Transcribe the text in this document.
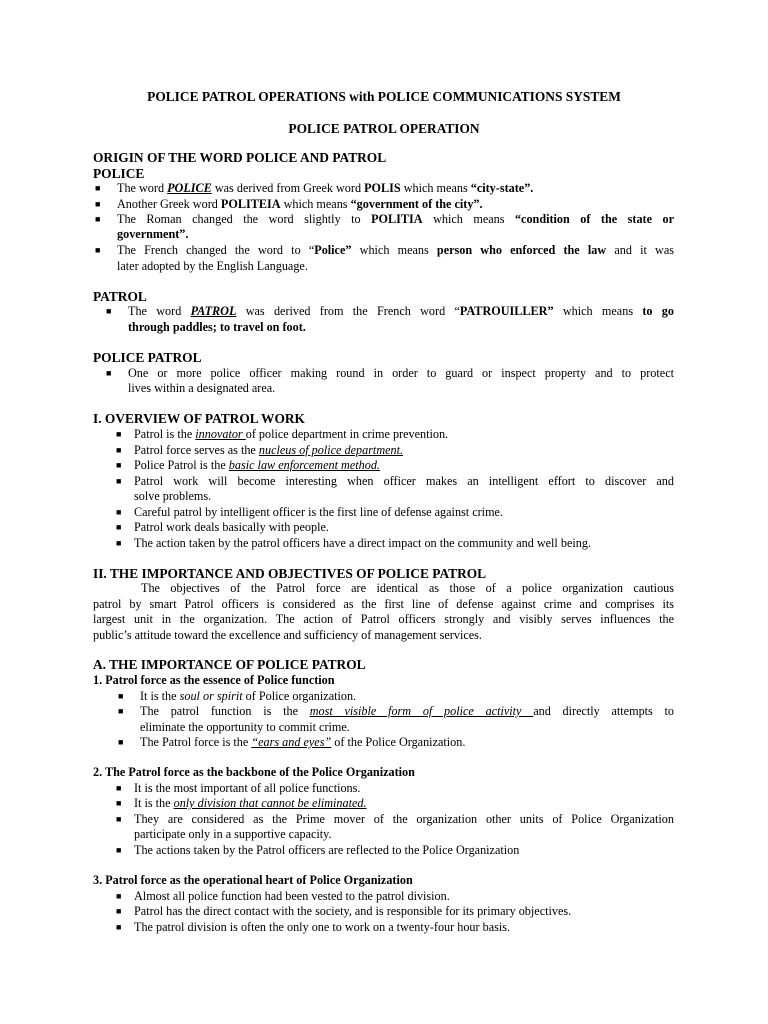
POLICE PATROL OPERATIONS with POLICE COMMUNICATIONS SYSTEM
POLICE PATROL OPERATION
ORIGIN OF THE WORD POLICE AND PATROL
POLICE
■ The word POLICE was derived from Greek word POLIS which means “city-state”.
■ Another Greek word POLITEIA which means “government of the city”.
■ The Roman changed the word slightly to POLITIA which means “condition of the state or
government”.
■ The French changed the word to “Police” which means person who enforced the law and it was
later adopted by the English Language.
PATROL
■ The word PATROL was derived from the French word “PATROUILLER” which means to go
through paddles; to travel on foot.
POLICE PATROL
■ One or more police officer making round in order to guard or inspect property and to protect
lives within a designated area.
I. OVERVIEW OF PATROL WORK
■ Patrol is the innovator of police department in crime prevention.
■ Patrol force serves as the nucleus of police department.
■ Police Patrol is the basic law enforcement method.
■ Patrol work will become interesting when officer makes an intelligent effort to discover and
solve problems.
■ Careful patrol by intelligent officer is the first line of defense against crime.
■ Patrol work deals basically with people.
■ The action taken by the patrol officers have a direct impact on the community and well being.
II. THE IMPORTANCE AND OBJECTIVES OF POLICE PATROL
The objectives of the Patrol force are identical as those of a police organization cautious
patrol by smart Patrol officers is considered as the first line of defense against crime and comprises its
largest unit in the organization. The action of Patrol officers strongly and visibly serves influences the
public’s attitude toward the excellence and sufficiency of management services.
A. THE IMPORTANCE OF POLICE PATROL
1. Patrol force as the essence of Police function
■ It is the soul or spirit of Police organization.
■ The patrol function is the most visible form of police activity and directly attempts to
eliminate the opportunity to commit crime.
■ The Patrol force is the “ears and eyes” of the Police Organization.
2. The Patrol force as the backbone of the Police Organization
■ It is the most important of all police functions.
■ It is the only division that cannot be eliminated.
■ They are considered as the Prime mover of the organization other units of Police Organization
participate only in a supportive capacity.
■ The actions taken by the Patrol officers are reflected to the Police Organization
3. Patrol force as the operational heart of Police Organization
■ Almost all police function had been vested to the patrol division.
■ Patrol has the direct contact with the society, and is responsible for its primary objectives.
■ The patrol division is often the only one to work on a twenty-four hour basis.
